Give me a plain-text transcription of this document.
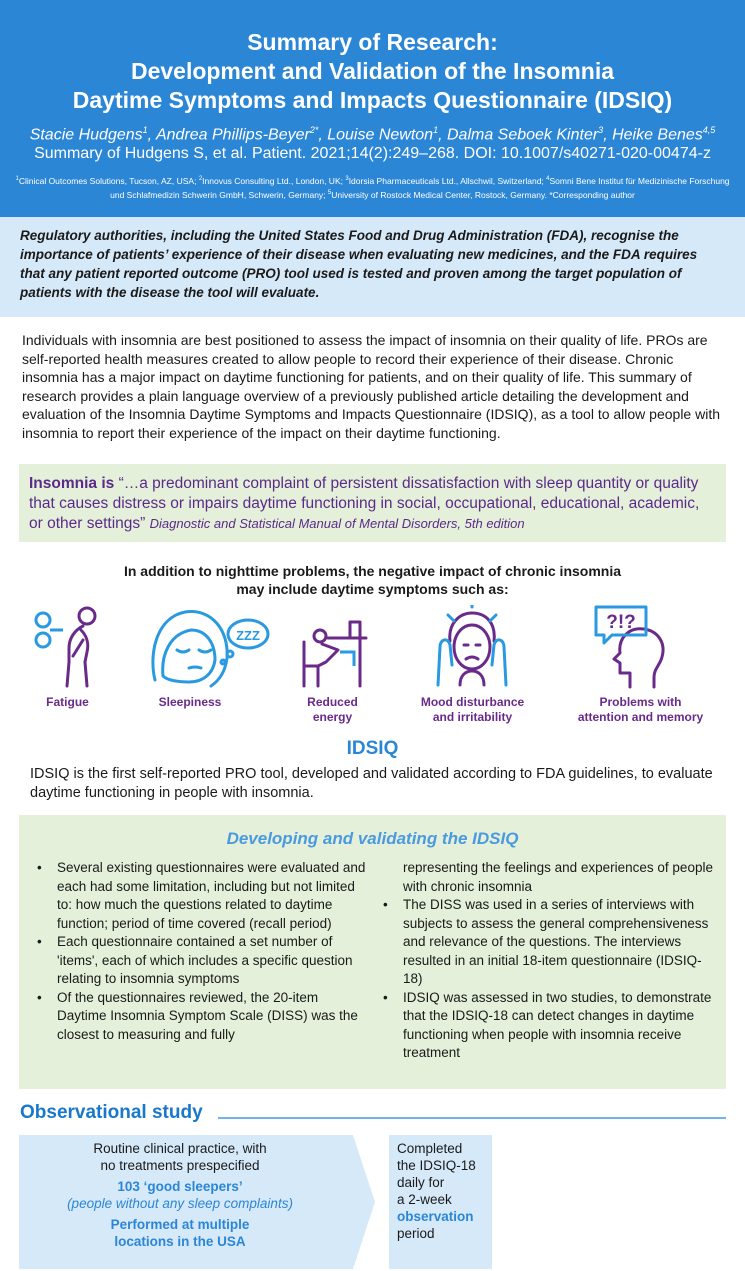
Summary of Research:
Development and Validation of the Insomnia
Daytime Symptoms and Impacts Questionnaire (IDSIQ)
Stacie Hudgens$^1$, Andrea Phillips-Beyer$^{2*}$, Louise Newton$^1$, Dalma Seboek Kinter$^3$, Heike Benes$^{4,5}$
Summary of Hudgens S, et al. Patient. 2021;14(2):249–268. DOI: 10.1007/s40271-020-00474-z
$^1$Clinical Outcomes Solutions, Tucson, AZ, USA; $^2$Innovus Consulting Ltd., London, UK; $^3$Idorsia Pharmaceuticals Ltd., Allschwil, Switzerland; $^4$Somni Bene Institut für Medizinische Forschung und Schlafmedizin Schwerin GmbH, Schwerin, Germany; $^5$University of Rostock Medical Center, Rostock, Germany. *Corresponding author
Regulatory authorities, including the United States Food and Drug Administration (FDA), recognise the importance of patients’ experience of their disease when evaluating new medicines, and the FDA requires that any patient reported outcome (PRO) tool used is tested and proven among the target population of patients with the disease the tool will evaluate.
Individuals with insomnia are best positioned to assess the impact of insomnia on their quality of life. PROs are self-reported health measures created to allow people to record their experience of their disease. Chronic insomnia has a major impact on daytime functioning for patients, and on their quality of life. This summary of research provides a plain language overview of a previously published article detailing the development and evaluation of the Insomnia Daytime Symptoms and Impacts Questionnaire (IDSIQ), as a tool to allow people with insomnia to report their experience of the impact on their daytime functioning.
Insomnia is “…a predominant complaint of persistent dissatisfaction with sleep quantity or quality that causes distress or impairs daytime functioning in social, occupational, educational, academic, or other settings” Diagnostic and Statistical Manual of Mental Disorders, 5th edition
In addition to nighttime problems, the negative impact of chronic insomnia
may include daytime symptoms such as:
Fatigue
ZZZ
Sleepiness	Reduced
energy
Mood disturbance
and irritability
?!?
Problems with
attention and memory
IDSIQ
IDSIQ is the first self-reported PRO tool, developed and validated according to FDA guidelines, to evaluate daytime functioning in people with insomnia.
Developing and validating the IDSIQ
• Several existing questionnaires were evaluated and each had some limitation, including but not limited to: how much the questions related to daytime function; period of time covered (recall period)
• Each questionnaire contained a set number of 'items', each of which includes a specific question relating to insomnia symptoms
• Of the questionnaires reviewed, the 20-item Daytime Insomnia Symptom Scale (DISS) was the closest to measuring and fully
representing the feelings and experiences of people with chronic insomnia
• The DISS was used in a series of interviews with subjects to assess the general comprehensiveness and relevance of the questions. The interviews resulted in an initial 18-item questionnaire (IDSIQ-18)
• IDSIQ was assessed in two studies, to demonstrate that the IDSIQ-18 can detect changes in daytime functioning when people with insomnia receive treatment
Observational study
Routine clinical practice, with
no treatments prespecified
103 ‘good sleepers’
(people without any sleep complaints)
Performed at multiple
locations in the USA
Completed
the IDSIQ-18
daily for
a 2-week
observation
period
